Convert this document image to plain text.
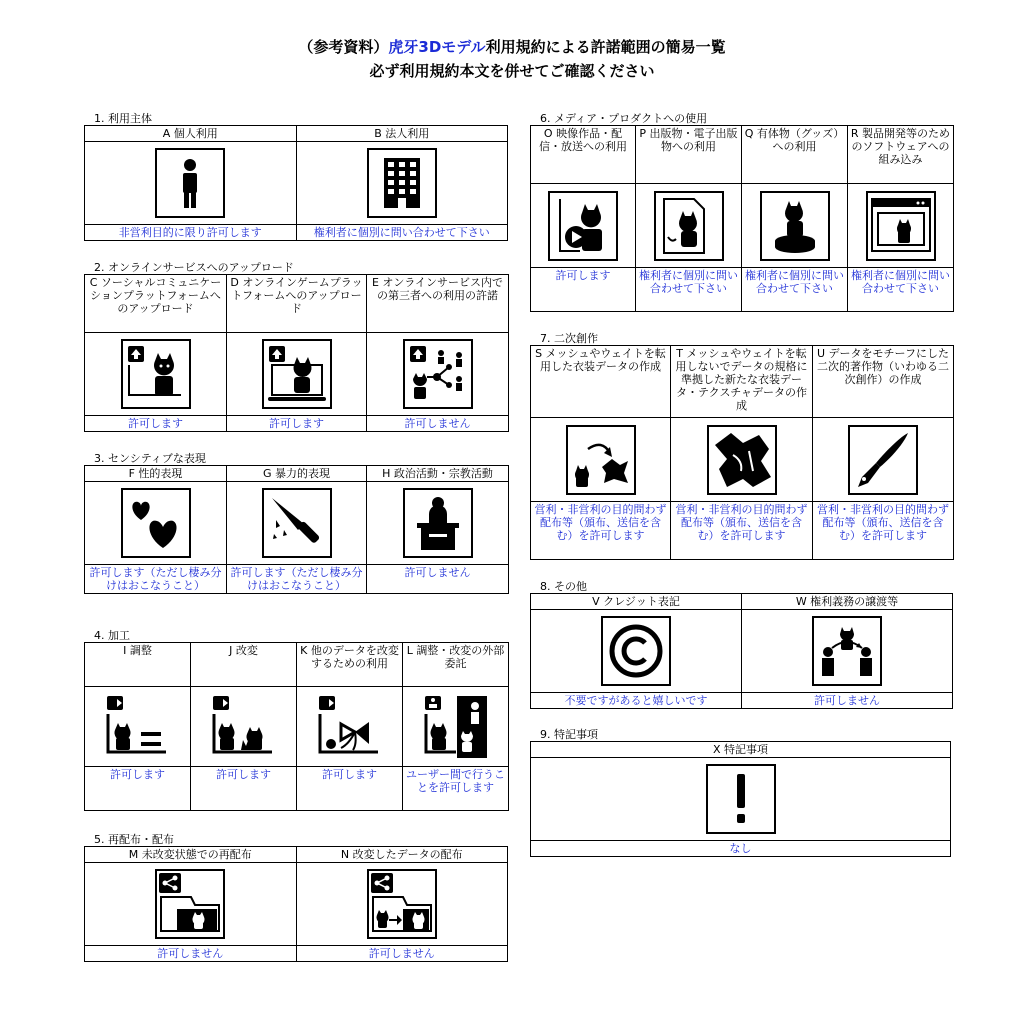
（参考資料）虎牙3Dモデル利用規約による許諾範囲の簡易一覧
必ず利用規約本文を併せてご確認ください
1. 利用主体
A 個人利用	B 法人利用

非営利目的に限り許可します	権利者に個別に問い合わせて下さい
2. オンラインサービスへのアップロード
C ソーシャルコミュニケーションプラットフォームへのアップロード	D オンラインゲームプラットフォームへのアップロード	E オンラインサービス内での第三者への利用の許諾

許可します	許可します	許可しません
3. センシティブな表現
F 性的表現	G 暴力的表現	H 政治活動・宗教活動

許可します（ただし棲み分けはおこなうこと）	許可します（ただし棲み分けはおこなうこと）	許可しません
4. 加工
I 調整	J 改変	K 他のデータを改変するための利用	L 調整・改変の外部委託

許可します	許可します	許可します	ユーザー間で行うことを許可します
5. 再配布・配布
M 未改変状態での再配布	N 改変したデータの配布

許可しません	許可しません
6. メディア・プロダクトへの使用
O 映像作品・配信・放送への利用	P 出版物・電子出版物への利用	Q 有体物（グッズ）への利用	R 製品開発等のためのソフトウェアへの組み込み

許可します	権利者に個別に問い合わせて下さい	権利者に個別に問い合わせて下さい	権利者に個別に問い合わせて下さい
7. 二次創作
S メッシュやウェイトを転用した衣装データの作成	T メッシュやウェイトを転用しないでデータの規格に準拠した新たな衣装データ・テクスチャデータの作成	U データをモチーフにした二次的著作物（いわゆる二次創作）の作成

営利・非営利の目的問わず配布等（頒布、送信を含む）を許可します	営利・非営利の目的問わず配布等（頒布、送信を含む）を許可します	営利・非営利の目的問わず配布等（頒布、送信を含む）を許可します
8. その他
V クレジット表記	W 権利義務の譲渡等

不要ですがあると嬉しいです	許可しません
9. 特記事項
X 特記事項

なし
